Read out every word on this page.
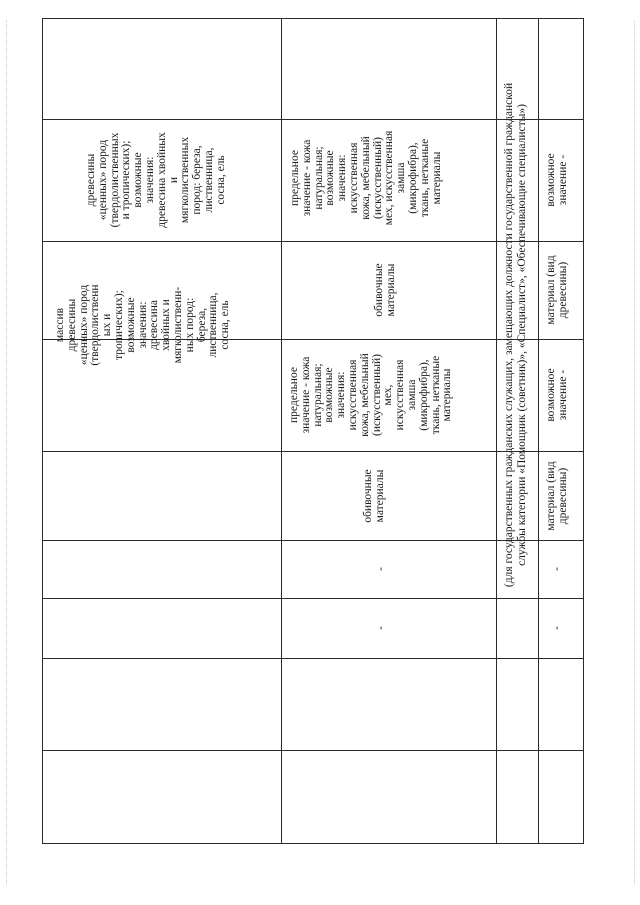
массив
древесины
«ценных» пород
(твердолиственн
ых и
тропических);
возможные
значения:
древесина
хвойных и
мягколиственн-
ных пород:
березa,
лиственница,
сосна, ель
древесины
«ценных» пород
(твердолиственных
и тропических);
возможные
значения:
древесина хвойных
и
мягколиственных
пород: береза,
лиственница,
сосна, ель
-
-
обивочные
материалы
предельное
значение - кожа
натуральная;
возможные
значения:
искусственная
кожа, мебельный
(искусственный)
мех,
искусственная
замша
(микрофибра),
ткань, нетканые
материалы
обивочные
материалы
предельное
значение - кожа
натуральная;
возможные
значения:
искусственная
кожа, мебельный
(искусственный)
мех, искусственная
замша
(микрофибра),
ткань, нетканые
материалы
(для государственных гражданских служащих, замещающих должности государственной гражданской
службы категории «Помощник (советник)», «Специалист», «Обеспечивающие специалисты»)
-
-
материал (вид
древесины)
возможное
значение -
материал (вид
древесины)
возможное
значение -
